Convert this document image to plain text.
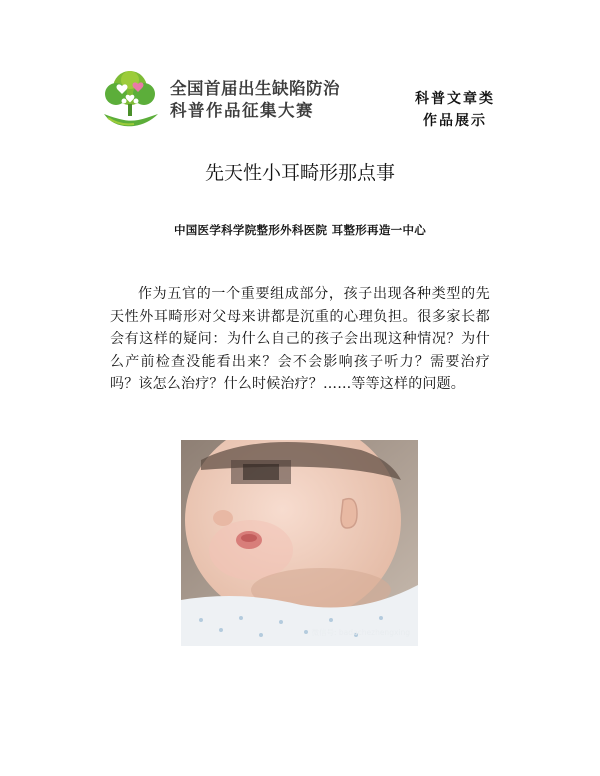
全国首届出生缺陷防治
科普作品征集大赛
科普文章类
作品展示
先天性小耳畸形那点事
中国医学科学院整形外科医院 耳整形再造一中心
作为五官的一个重要组成部分，孩子出现各种类型的先天性外耳畸形对父母来讲都是沉重的心理负担。很多家长都会有这样的疑问：为什么自己的孩子会出现这种情况？为什么产前检查没能看出来？会不会影响孩子听力？需要治疗吗？该怎么治疗？什么时候治疗？……等等这样的问题。
微信号: badachezhengxing
